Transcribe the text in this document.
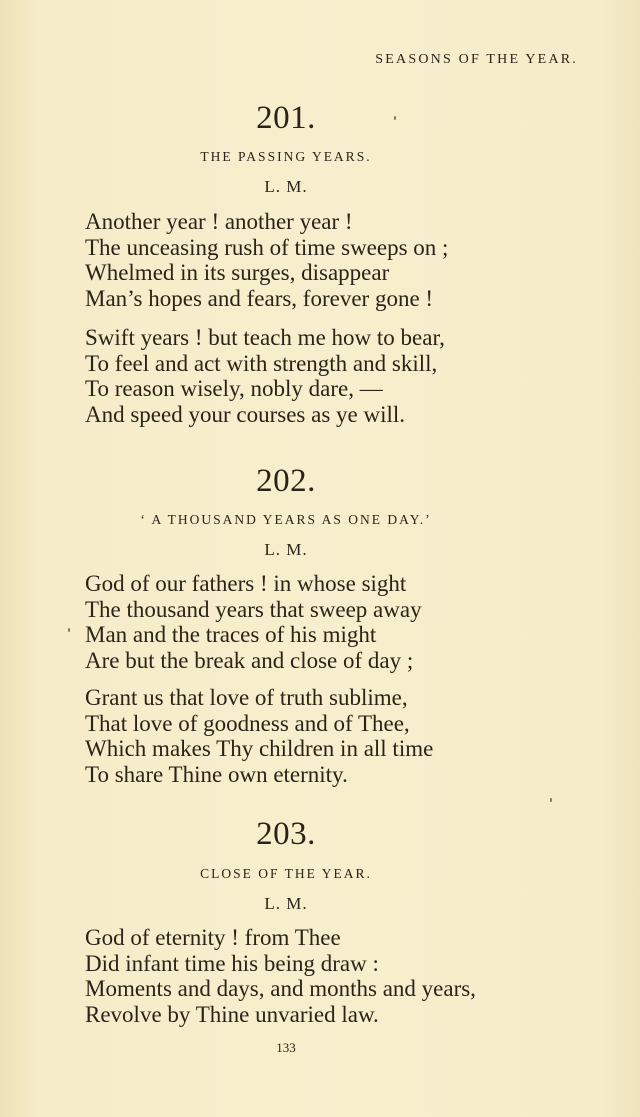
SEASONS OF THE YEAR.
201.
THE PASSING YEARS.
L. M.
Another year ! another year !
The unceasing rush of time sweeps on ;
Whelmed in its surges, disappear
Man’s hopes and fears, forever gone !
Swift years ! but teach me how to bear,
To feel and act with strength and skill,
To reason wisely, nobly dare, —
And speed your courses as ye will.
202.
‘ A THOUSAND YEARS AS ONE DAY.’
L. M.
God of our fathers ! in whose sight
The thousand years that sweep away
Man and the traces of his might
Are but the break and close of day ;
Grant us that love of truth sublime,
That love of goodness and of Thee,
Which makes Thy children in all time
To share Thine own eternity.
203.
CLOSE OF THE YEAR.
L. M.
God of eternity ! from Thee
Did infant time his being draw :
Moments and days, and months and years,
Revolve by Thine unvaried law.
133
